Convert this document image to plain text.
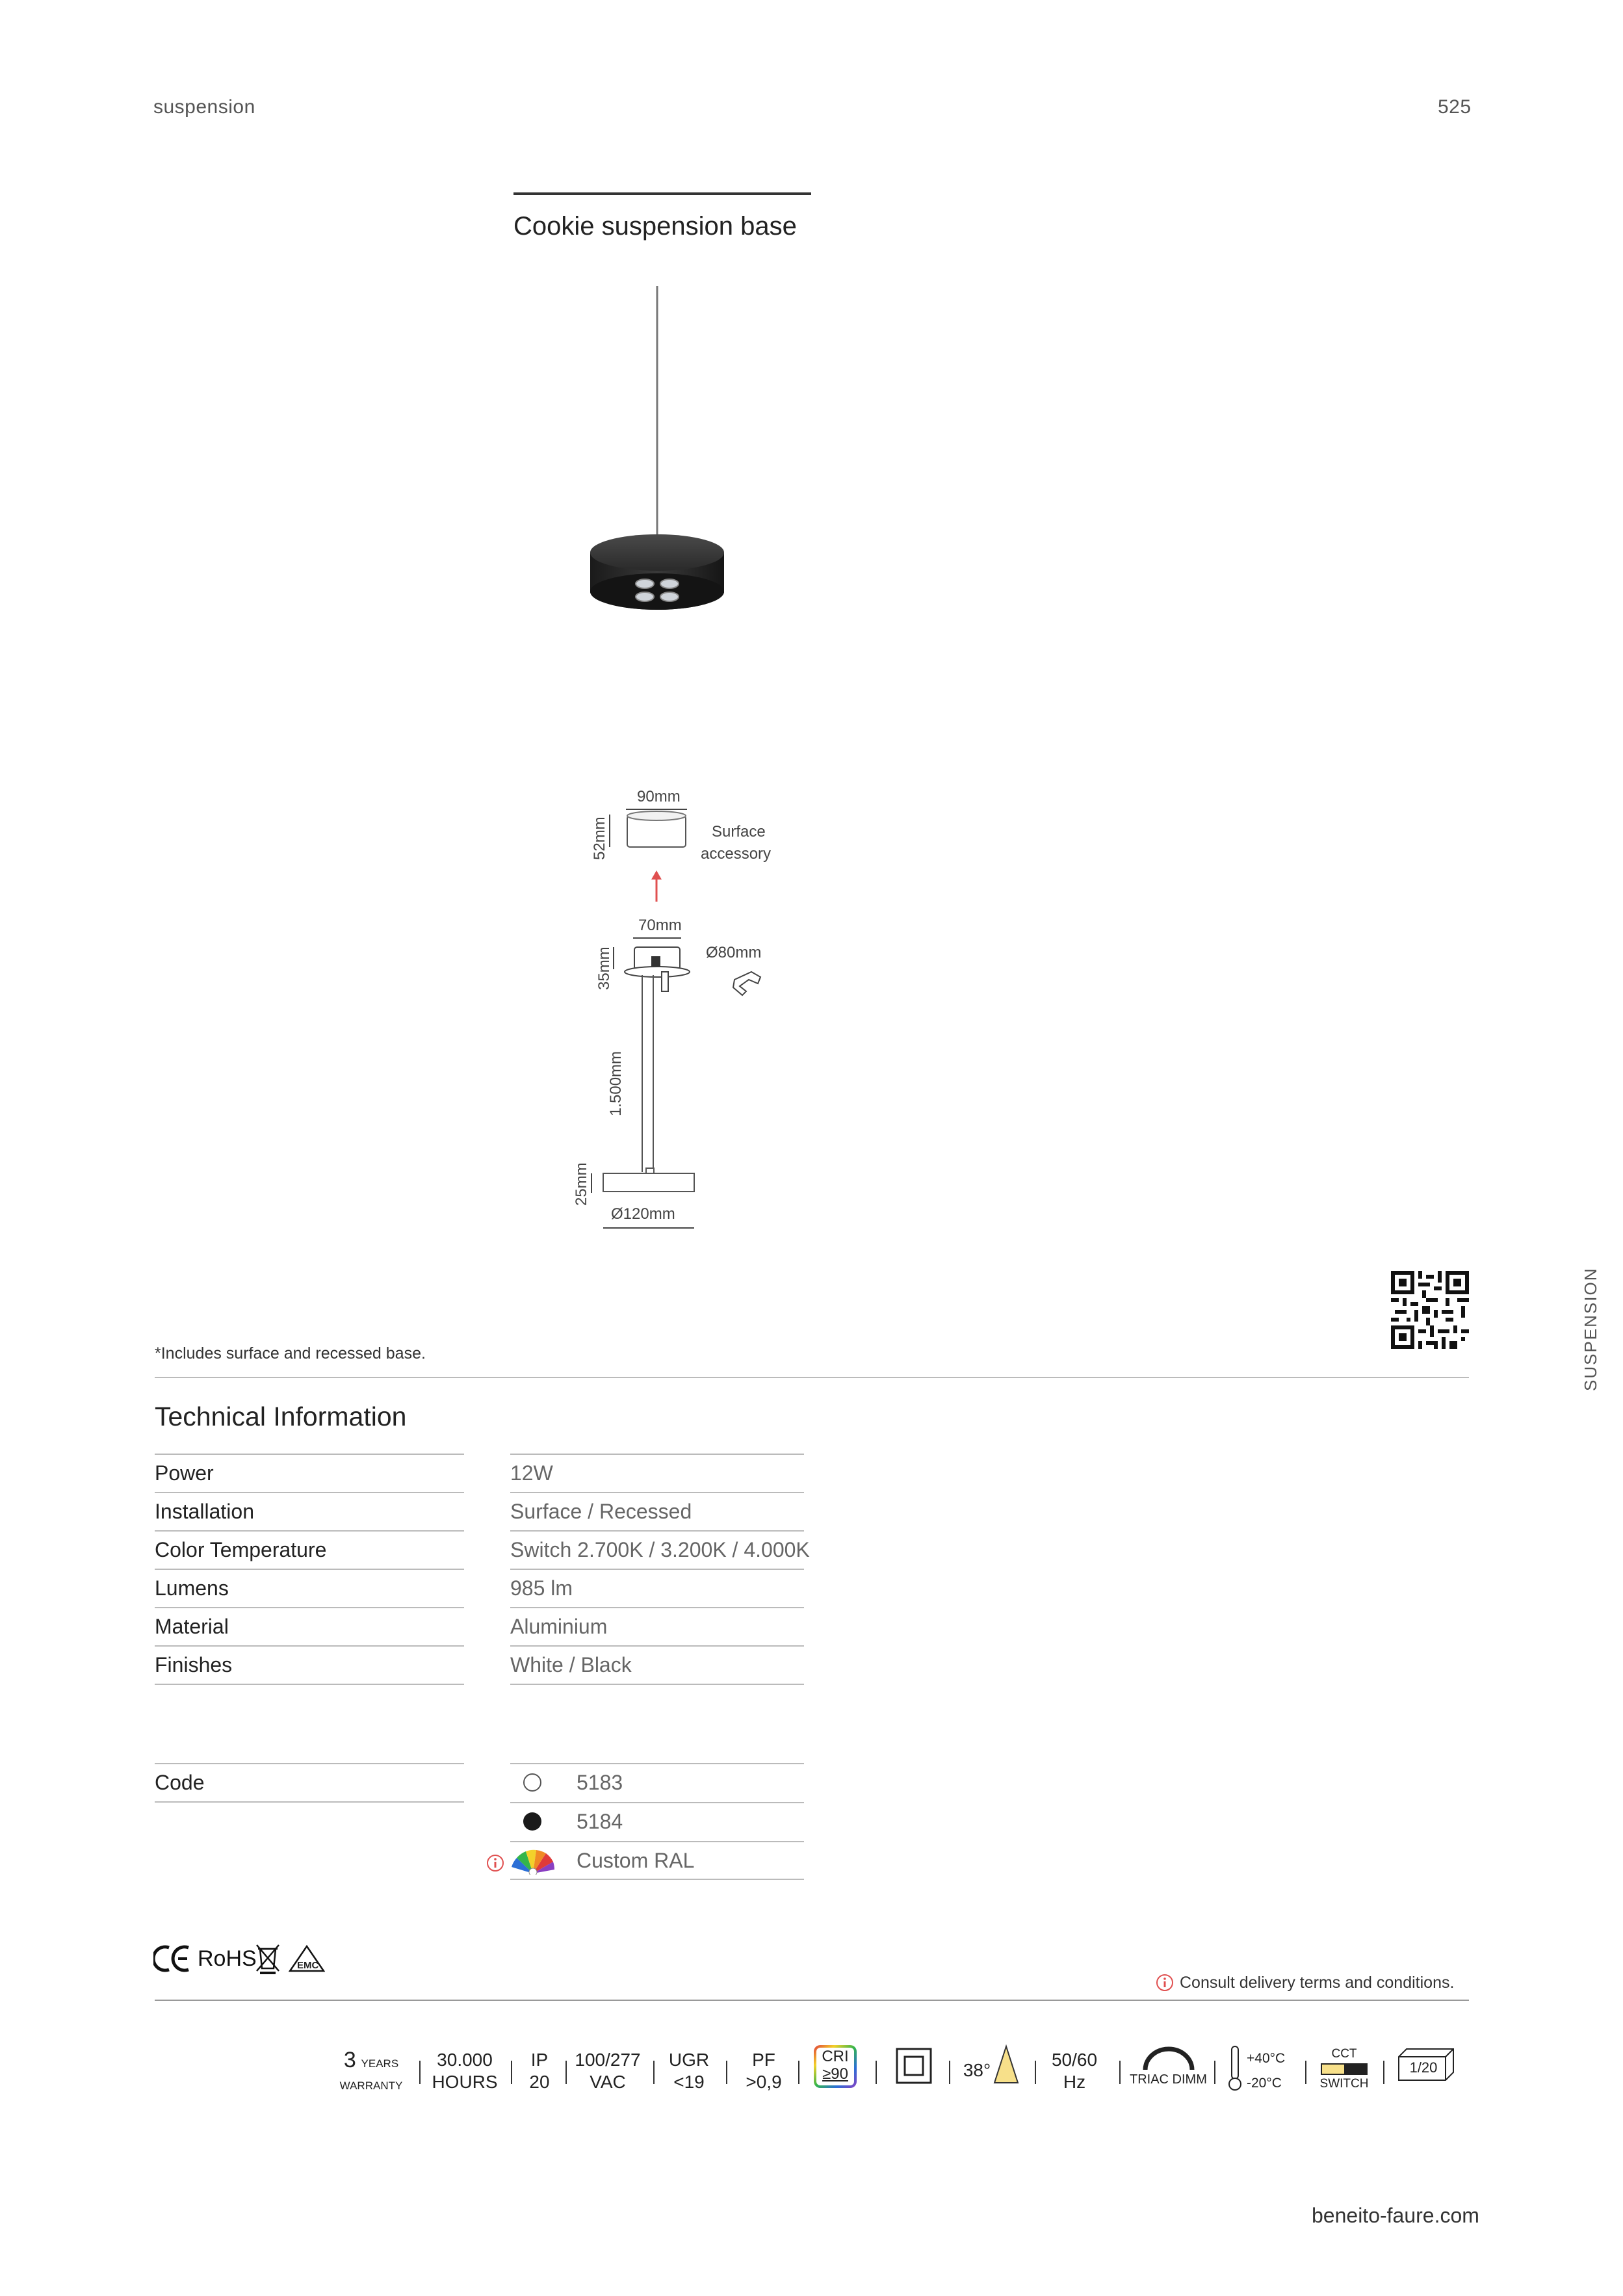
suspension	525
Cookie suspension base
90mm
52mm	Surface
accessory
70mm
35mm	Ø80mm
1.500mm
25mm
Ø120mm
SUSPENSION
*Includes surface and recessed base.
Technical Information
Power	12W
Installation	Surface / Recessed
Color Temperature	Switch 2.700K / 3.200K / 4.000K
Lumens	985 lm
Material	Aluminium
Finishes	White / Black
Code	5183
5184
Custom RAL
RoHS	EMC
Consult delivery terms and conditions.
3 YEARS
WARRANTY
30.000
HOURS
IP
20
100/277
VAC
UGR
<19
PF
>0,9
CRI
≥90	38°
50/60
Hz	TRIAC DIMM
+40°C
-20°C
CCT
SWITCH
1/20
beneito-faure.com
